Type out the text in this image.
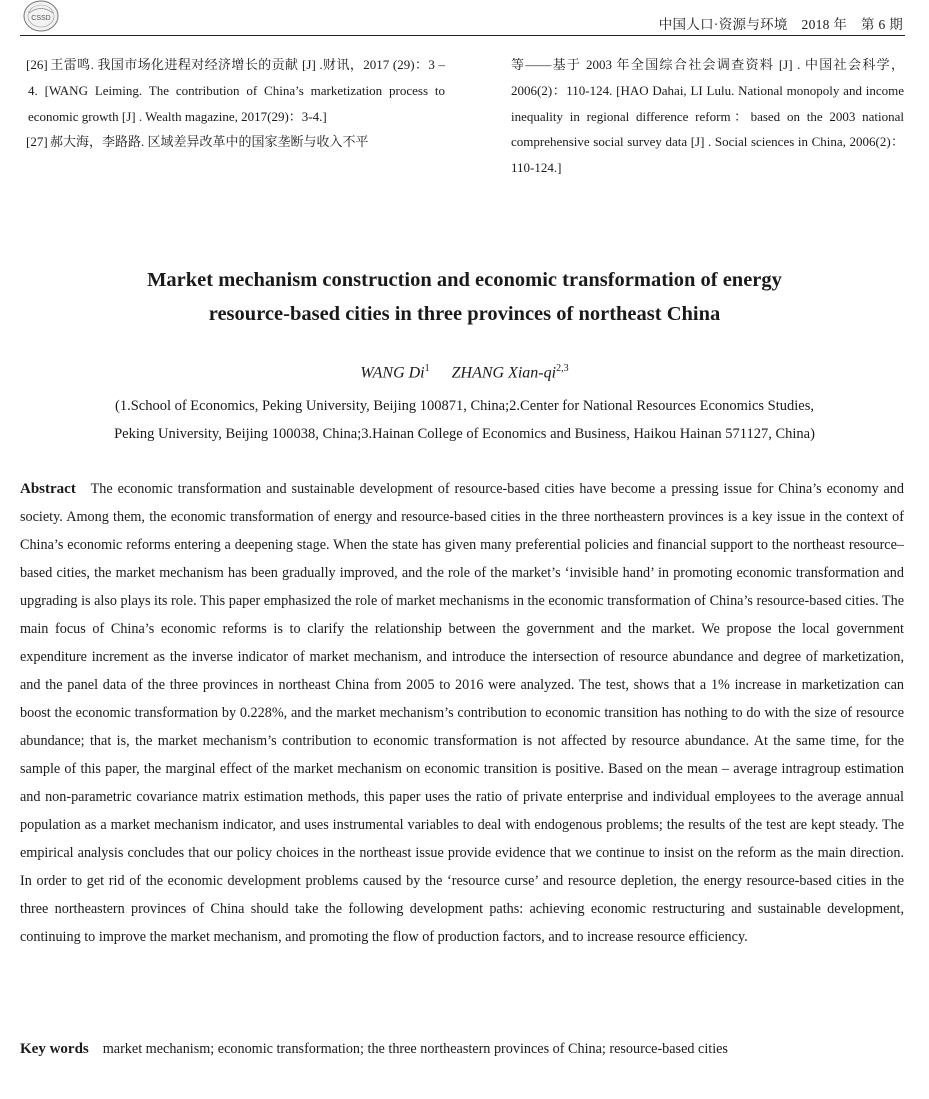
CSSD	中国人口·资源与环境　2018 年　第 6 期
[26] 王雷鸣. 我国市场化进程对经济增长的贡献 [J] .财讯，2017 (29)：3 – 4. [WANG Leiming. The contribution of China’s marketization process to economic growth [J] . Wealth magazine, 2017(29)：3-4.]
[27] 郝大海，李路路. 区域差异改革中的国家垄断与收入不平
等——基于 2003 年全国综合社会调查资料 [J] . 中国社会科学，2006(2)：110-124. [HAO Dahai, LI Lulu. National monopoly and income inequality in regional difference reform：based on the 2003 national comprehensive social survey data [J] . Social sciences in China, 2006(2)：110-124.]
Market mechanism construction and economic transformation of energy
resource-based cities in three provinces of northeast China
WANG Di$^1$ ZHANG Xian-qi$^{2,3}$
(1.School of Economics, Peking University, Beijing 100871, China;2.Center for National Resources Economics Studies,
Peking University, Beijing 100038, China;3.Hainan College of Economics and Business, Haikou Hainan 571127, China)
Abstract The economic transformation and sustainable development of resource-based cities have become a pressing issue for China’s economy and society. Among them, the economic transformation of energy and resource-based cities in the three northeastern provinces is a key issue in the context of China’s economic reforms entering a deepening stage. When the state has given many preferential policies and financial support to the northeast resource–based cities, the market mechanism has been gradually improved, and the role of the market’s ‘invisible hand’ in promoting economic transformation and upgrading is also plays its role. This paper emphasized the role of market mechanisms in the economic transformation of China’s resource-based cities. The main focus of China’s economic reforms is to clarify the relationship between the government and the market. We propose the local government expenditure increment as the inverse indicator of market mechanism, and introduce the intersection of resource abundance and degree of marketization, and the panel data of the three provinces in northeast China from 2005 to 2016 were analyzed. The test, shows that a 1% increase in marketization can boost the economic transformation by 0.228%, and the market mechanism’s contribution to economic transition has nothing to do with the size of resource abundance; that is, the market mechanism’s contribution to economic transformation is not affected by resource abundance. At the same time, for the sample of this paper, the marginal effect of the market mechanism on economic transition is positive. Based on the mean – average intragroup estimation and non-parametric covariance matrix estimation methods, this paper uses the ratio of private enterprise and individual employees to the average annual population as a market mechanism indicator, and uses instrumental variables to deal with endogenous problems; the results of the test are kept steady. The empirical analysis concludes that our policy choices in the northeast issue provide evidence that we continue to insist on the reform as the main direction. In order to get rid of the economic development problems caused by the ‘resource curse’ and resource depletion, the energy resource-based cities in the three northeastern provinces of China should take the following development paths: achieving economic restructuring and sustainable development, continuing to improve the market mechanism, and promoting the flow of production factors, and to increase resource efficiency.
Key words market mechanism; economic transformation; the three northeastern provinces of China; resource-based cities
